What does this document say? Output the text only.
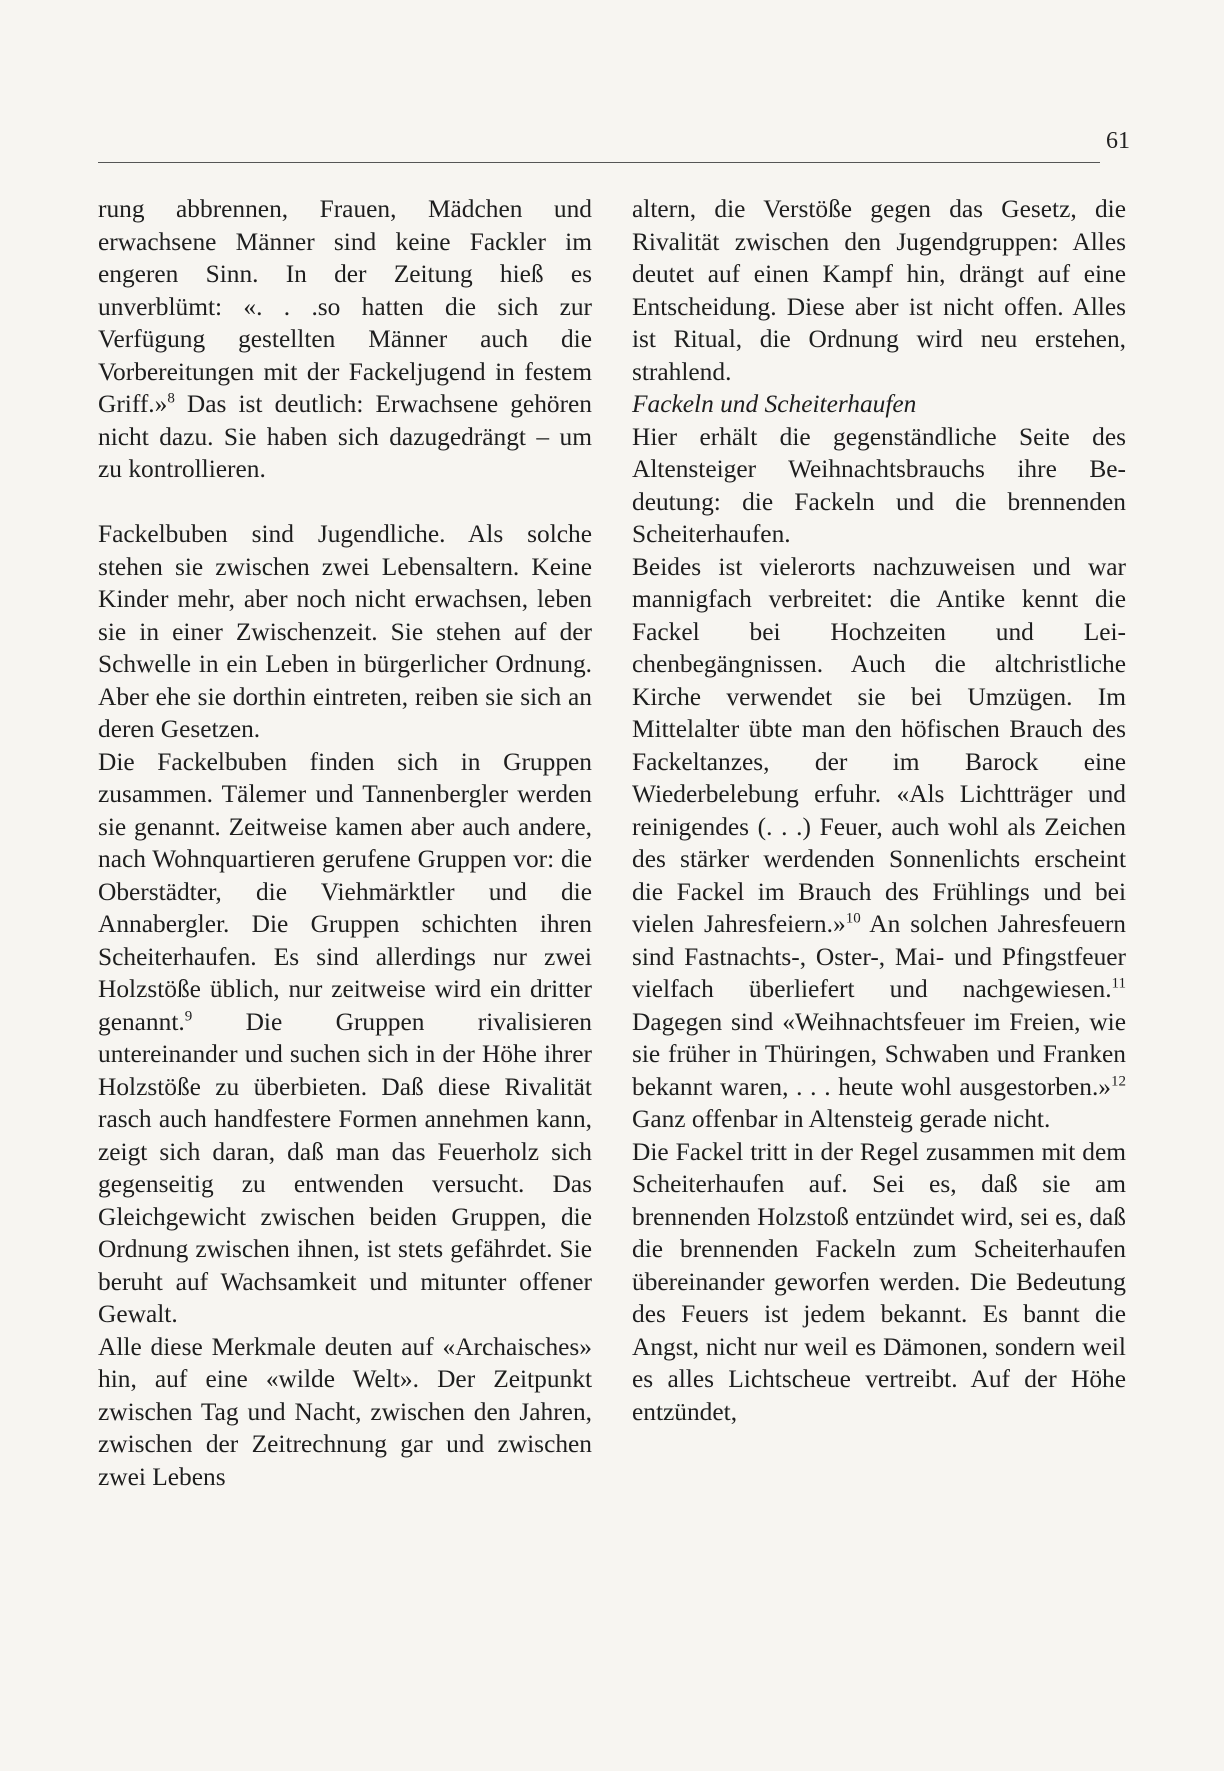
61

rung abbrennen, Frauen, Mädchen und erwachsene Männer sind keine Fackler im engeren Sinn. In der Zeitung hieß es unverblümt: «. . .so hatten die sich zur Verfügung gestellten Männer auch die Vorbereitungen mit der Fackeljugend in festem Griff.»$^8$ Das ist deutlich: Erwachsene gehören nicht dazu. Sie haben sich dazugedrängt – um zu kontrollieren.

Fackelbuben sind Jugendliche. Als solche stehen sie zwischen zwei Lebensaltern. Keine Kinder mehr, aber noch nicht erwachsen, leben sie in einer Zwischenzeit. Sie stehen auf der Schwelle in ein Leben in bürgerlicher Ordnung. Aber ehe sie dorthin eintreten, reiben sie sich an deren Gesetzen.

Die Fackelbuben finden sich in Gruppen zusammen. Tälemer und Tannenbergler werden sie genannt. Zeitweise kamen aber auch andere, nach Wohnquartieren gerufene Gruppen vor: die Oberstädter, die Viehmärktler und die Annabergler. Die Gruppen schichten ihren Scheiterhaufen. Es sind allerdings nur zwei Holzstöße üblich, nur zeitweise wird ein dritter genannt.$^9$ Die Gruppen rivalisieren untereinander und suchen sich in der Höhe ihrer Holzstöße zu überbieten. Daß diese Rivalität rasch auch handfestere Formen annehmen kann, zeigt sich daran, daß man das Feuerholz sich gegenseitig zu entwenden versucht. Das Gleichgewicht zwischen beiden Gruppen, die Ordnung zwischen ihnen, ist stets gefährdet. Sie beruht auf Wachsamkeit und mitunter offener Gewalt.

Alle diese Merkmale deuten auf «Archaisches» hin, auf eine «wilde Welt». Der Zeitpunkt zwischen Tag und Nacht, zwischen den Jahren, zwischen der Zeitrechnung gar und zwischen zwei Lebens

altern, die Verstöße gegen das Gesetz, die Rivalität zwischen den Jugendgruppen: Alles deutet auf einen Kampf hin, drängt auf eine Entscheidung. Diese aber ist nicht offen. Alles ist Ritual, die Ordnung wird neu erstehen, strahlend.

Fackeln und Scheiterhaufen

Hier erhält die gegenständliche Seite des Altensteiger Weihnachtsbrauchs ihre Bedeutung: die Fackeln und die brennenden Scheiterhaufen.

Beides ist vielerorts nachzuweisen und war mannigfach verbreitet: die Antike kennt die Fackel bei Hochzeiten und Leichenbegängnissen. Auch die altchristliche Kirche verwendet sie bei Umzügen. Im Mittelalter übte man den höfischen Brauch des Fackeltanzes, der im Barock eine Wiederbelebung erfuhr. «Als Lichtträger und reinigendes (. . .) Feuer, auch wohl als Zeichen des stärker werdenden Sonnenlichts erscheint die Fackel im Brauch des Frühlings und bei vielen Jahresfeiern.»$^{10}$ An solchen Jahresfeuern sind Fastnachts-, Oster-, Mai- und Pfingstfeuer vielfach überliefert und nachgewiesen.$^{11}$ Dagegen sind «Weihnachtsfeuer im Freien, wie sie früher in Thüringen, Schwaben und Franken bekannt waren, . . . heute wohl ausgestorben.»$^{12}$ Ganz offenbar in Altensteig gerade nicht.

Die Fackel tritt in der Regel zusammen mit dem Scheiterhaufen auf. Sei es, daß sie am brennenden Holzstoß entzündet wird, sei es, daß die brennenden Fackeln zum Scheiterhaufen übereinander geworfen werden. Die Bedeutung des Feuers ist jedem bekannt. Es bannt die Angst, nicht nur weil es Dämonen, sondern weil es alles Lichtscheue vertreibt. Auf der Höhe entzündet,
